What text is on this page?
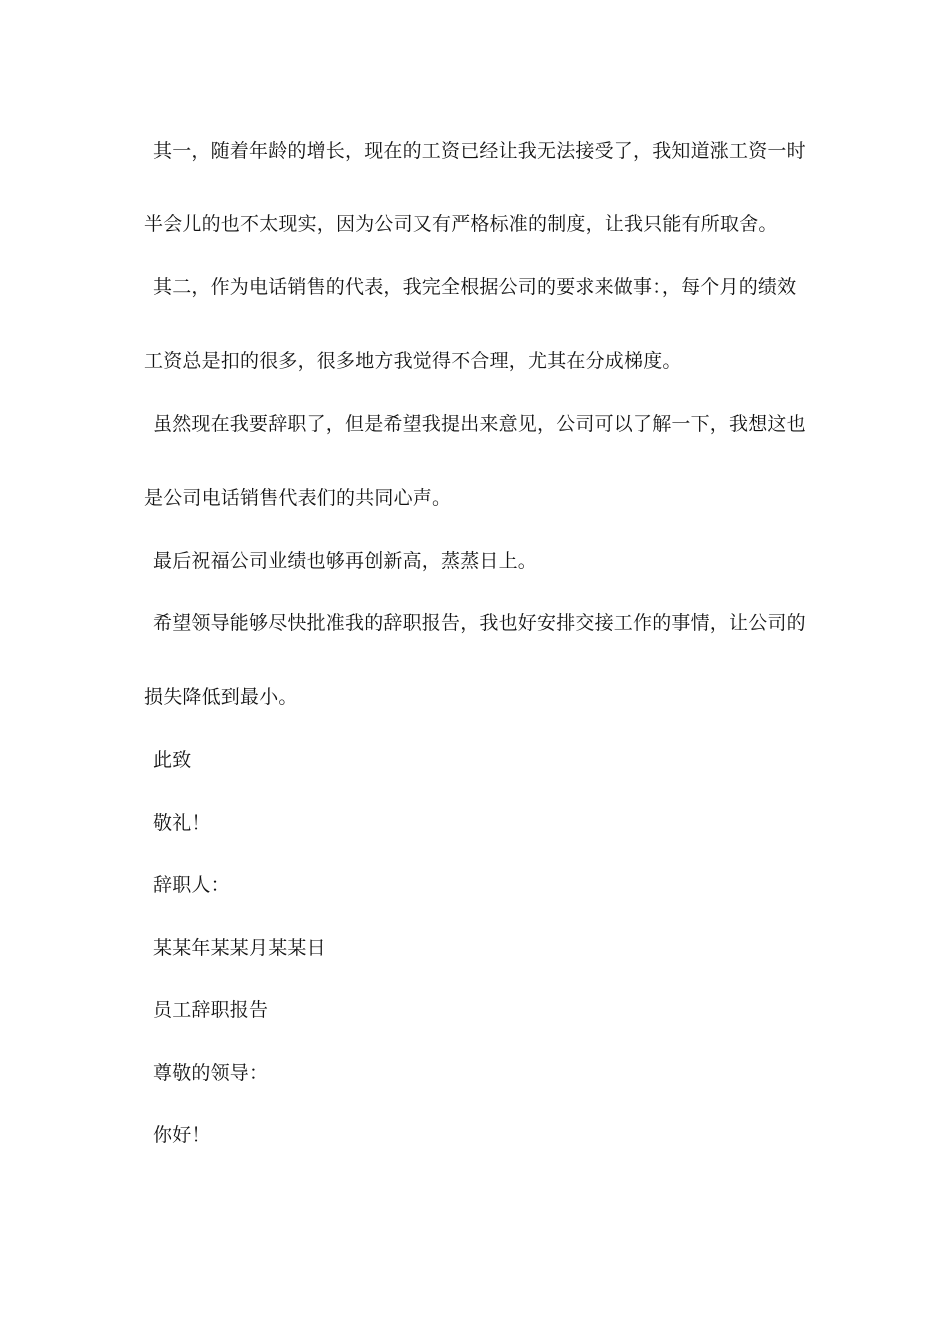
其一，随着年龄的增长，现在的工资已经让我无法接受了，我知道涨工资一时
半会儿的也不太现实，因为公司又有严格标准的制度，让我只能有所取舍。
其二，作为电话销售的代表，我完全根据公司的要求来做事：，每个月的绩效
工资总是扣的很多，很多地方我觉得不合理，尤其在分成梯度。
虽然现在我要辞职了，但是希望我提出来意见，公司可以了解一下，我想这也
是公司电话销售代表们的共同心声。
最后祝福公司业绩也够再创新高，蒸蒸日上。
希望领导能够尽快批准我的辞职报告，我也好安排交接工作的事情，让公司的
损失降低到最小。
此致
敬礼！
辞职人：
某某年某某月某某日
员工辞职报告
尊敬的领导：
你好！
